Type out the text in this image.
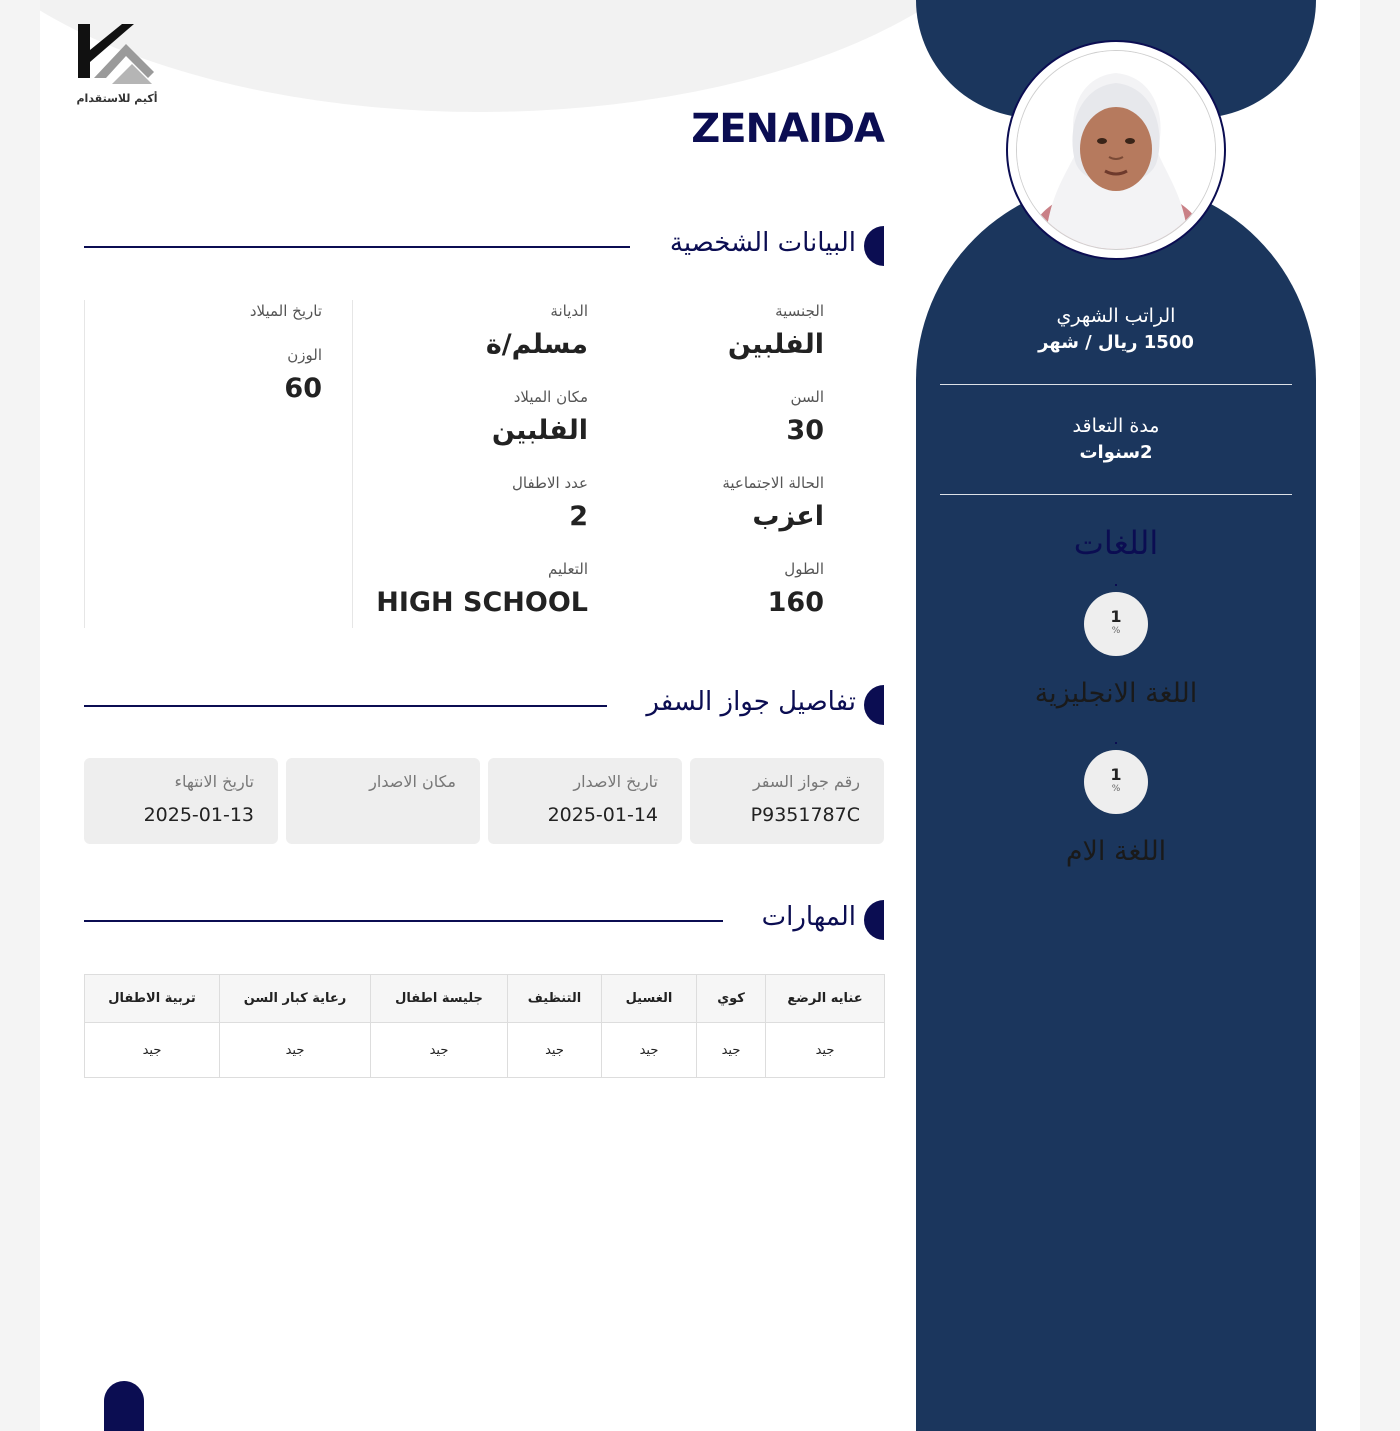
أكيم للاستقدام
ZENAIDA
البيانات الشخصية
الجنسية
الفلبين
السن
30
الحالة الاجتماعية
اعزب
الطول
160
الديانة
مسلم/ة
مكان الميلاد
الفلبين
عدد الاطفال
2
التعليم
HIGH SCHOOL
تاريخ الميلاد
الوزن
60
تفاصيل جواز السفر
رقم جواز السفر
P9351787C
تاريخ الاصدار
2025-01-14
مكان الاصدار
تاريخ الانتهاء
2025-01-13
المهارات
عنايه الرضع	كوي	الغسيل	التنظيف	جليسة اطفال	رعاية كبار السن	تربية الاطفال
جيد	جيد	جيد	جيد	جيد	جيد	جيد
الراتب الشهري
1500 ريال / شهر
مدة التعاقد
2سنوات
اللغات
1
%
اللغة الانجليزية
1
%
اللغة الام
